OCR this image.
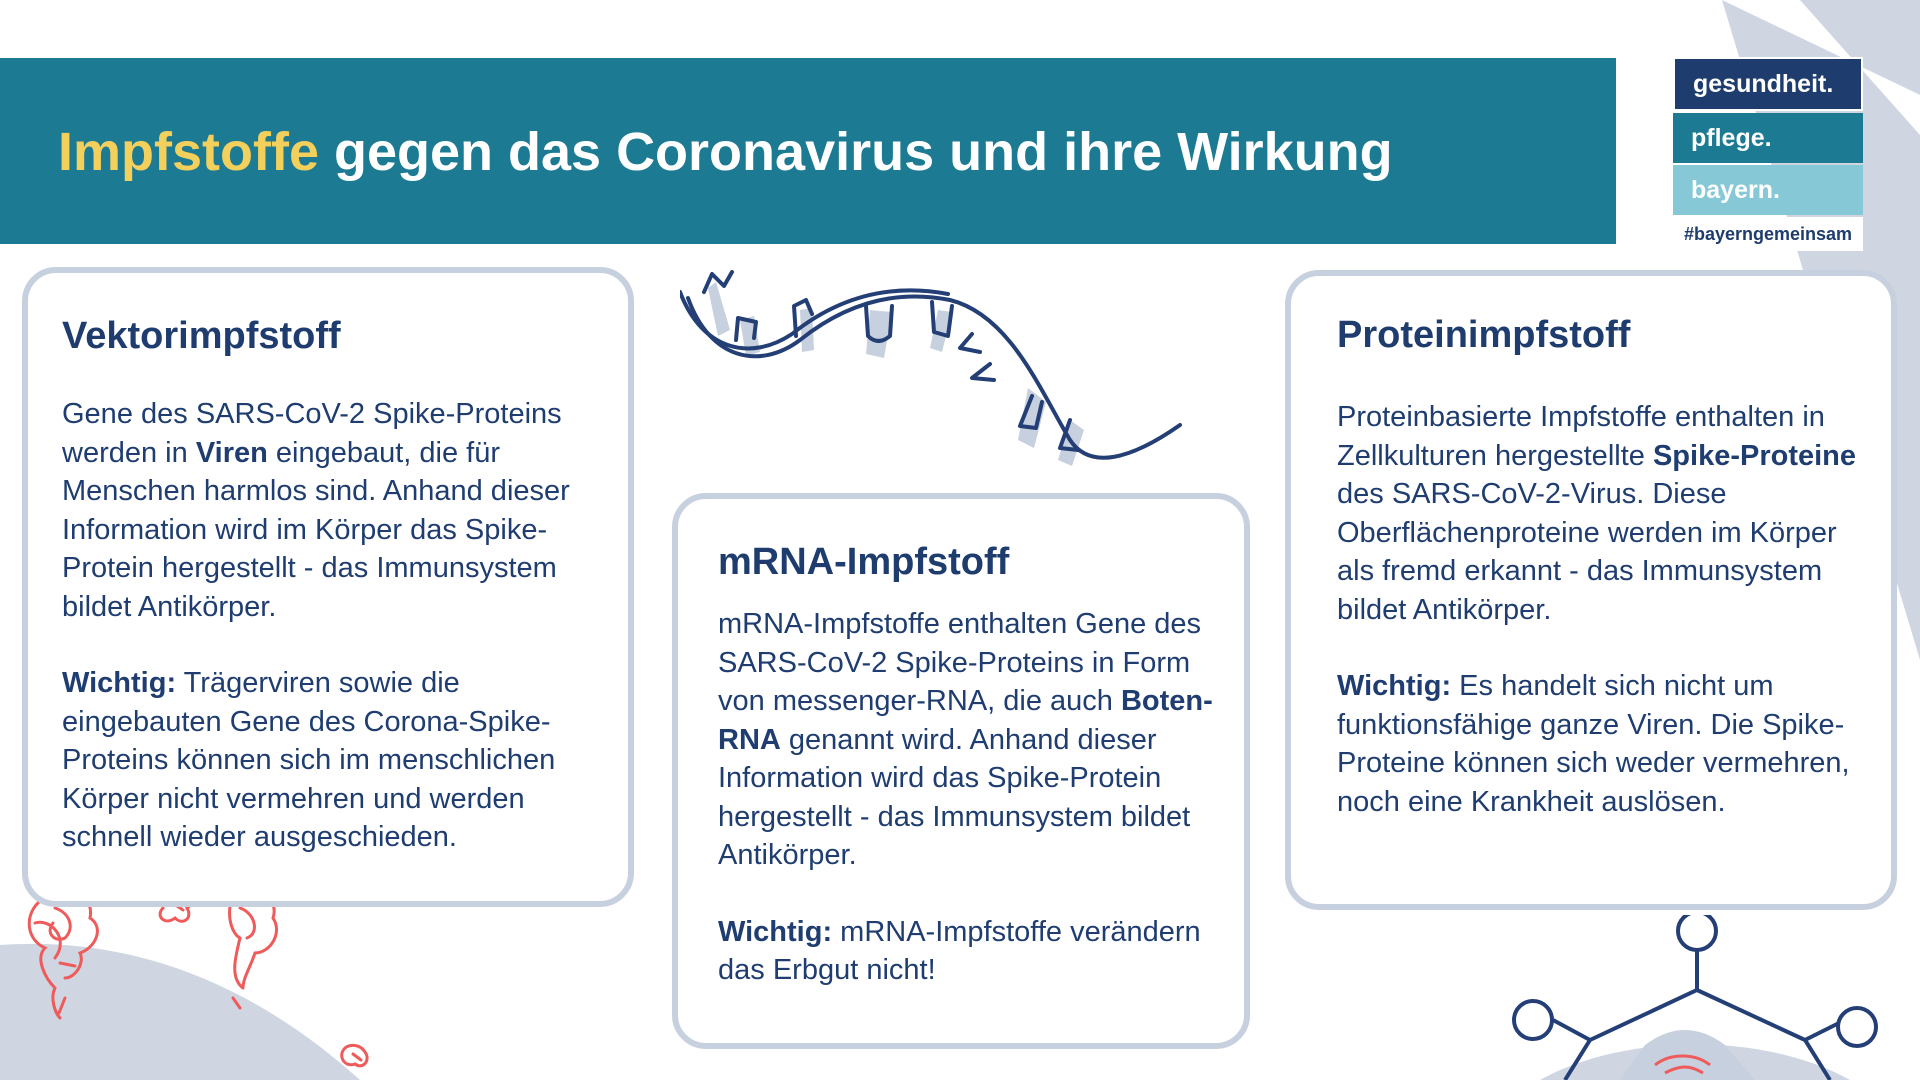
Impfstoffe gegen das Coronavirus und ihre Wirkung
gesundheit.
pflege.
bayern.
#bayerngemeinsam
Vektorimpfstoff

Gene des SARS-CoV-2 Spike-Proteins werden in Viren eingebaut, die für Menschen harmlos sind. Anhand dieser Information wird im Körper das Spike-Protein hergestellt - das Immunsystem bildet Antikörper.

Wichtig: Trägerviren sowie die eingebauten Gene des Corona-Spike-Proteins können sich im menschlichen Körper nicht vermehren und werden schnell wieder ausgeschieden.

mRNA-Impfstoff

mRNA-Impfstoffe enthalten Gene des SARS-CoV-2 Spike-Proteins in Form von messenger-RNA, die auch Boten-RNA genannt wird. Anhand dieser Information wird das Spike-Protein hergestellt - das Immunsystem bildet Antikörper.

Wichtig: mRNA-Impfstoffe verändern das Erbgut nicht!

Proteinimpfstoff

Proteinbasierte Impfstoffe enthalten in Zellkulturen hergestellte Spike-Proteine des SARS-CoV-2-Virus. Diese Oberflächenproteine werden im Körper als fremd erkannt - das Immunsystem bildet Antikörper.

Wichtig: Es handelt sich nicht um funktionsfähige ganze Viren. Die Spike-Proteine können sich weder vermehren, noch eine Krankheit auslösen.
